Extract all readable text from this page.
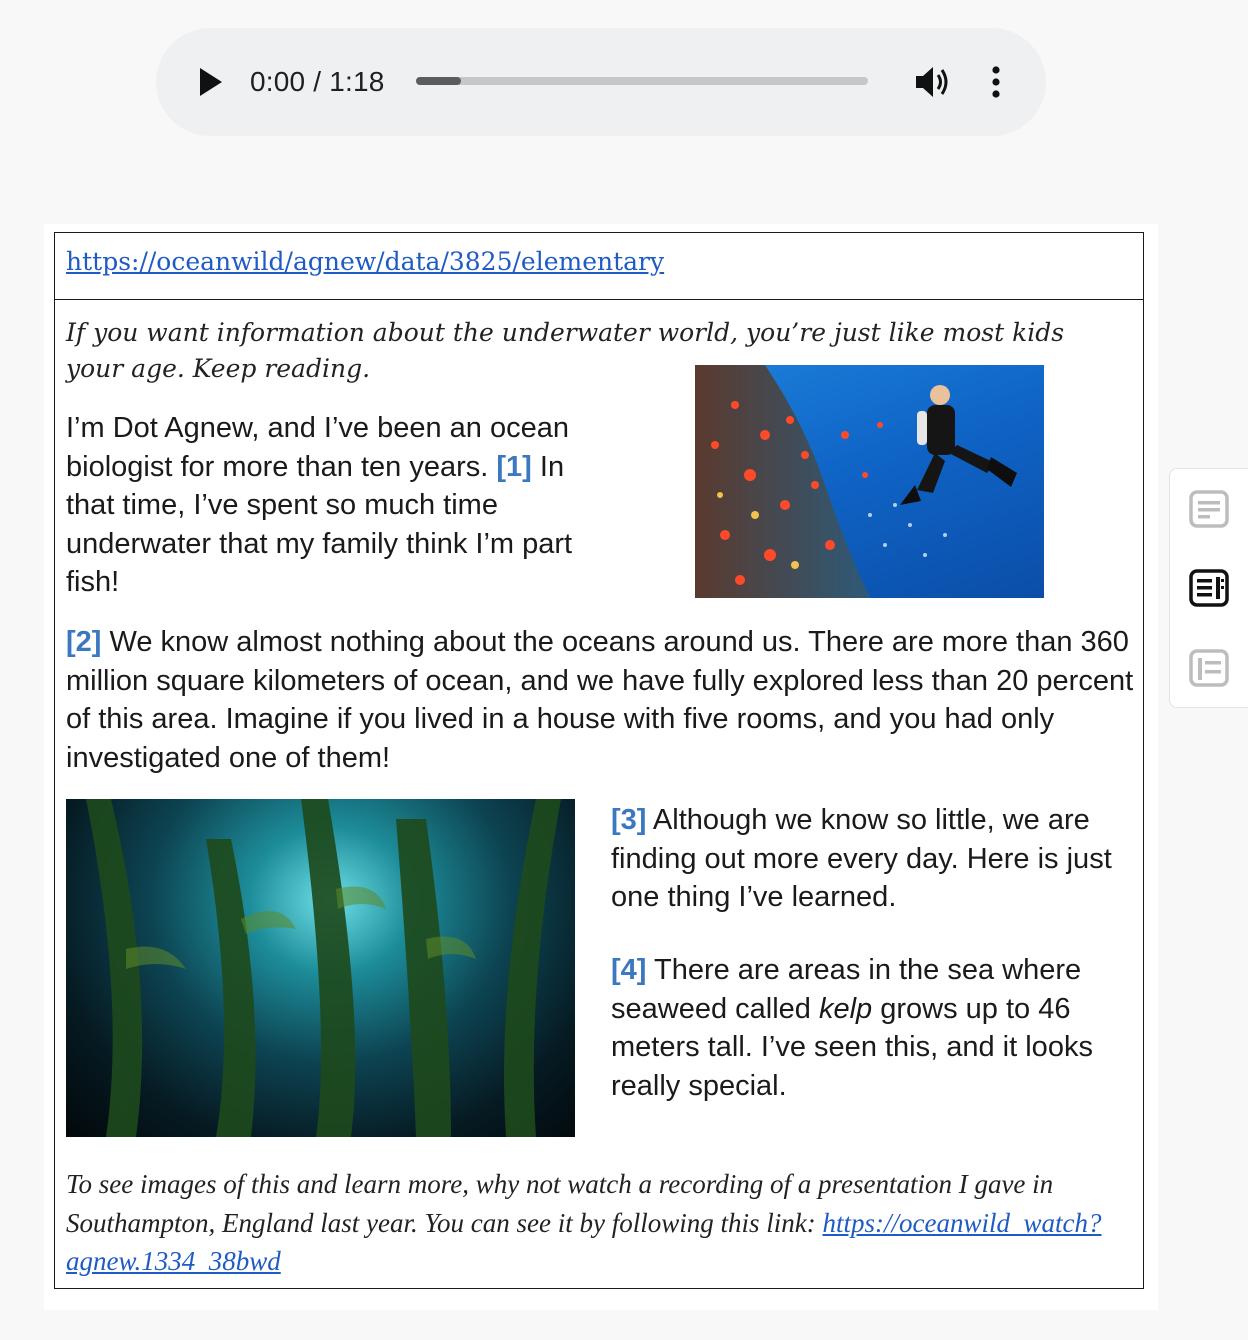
0:00 / 1:18
https://oceanwild/agnew/data/3825/elementary

If you want information about the underwater world, you’re just like most kids your age. Keep reading.

I’m Dot Agnew, and I’ve been an ocean biologist for more than ten years. [1] In that time, I’ve spent so much time underwater that my family think I’m part fish!

[2] We know almost nothing about the oceans around us. There are more than 360 million square kilometers of ocean, and we have fully explored less than 20 percent of this area. Imagine if you lived in a house with five rooms, and you had only investigated one of them!

[3] Although we know so little, we are finding out more every day. Here is just one thing I’ve learned.

[4] There are areas in the sea where seaweed called kelp grows up to 46 meters tall. I’ve seen this, and it looks really special.

To see images of this and learn more, why not watch a recording of a presentation I gave in Southampton, England last year. You can see it by following this link: https://oceanwild_watch?agnew.1334_38bwd
